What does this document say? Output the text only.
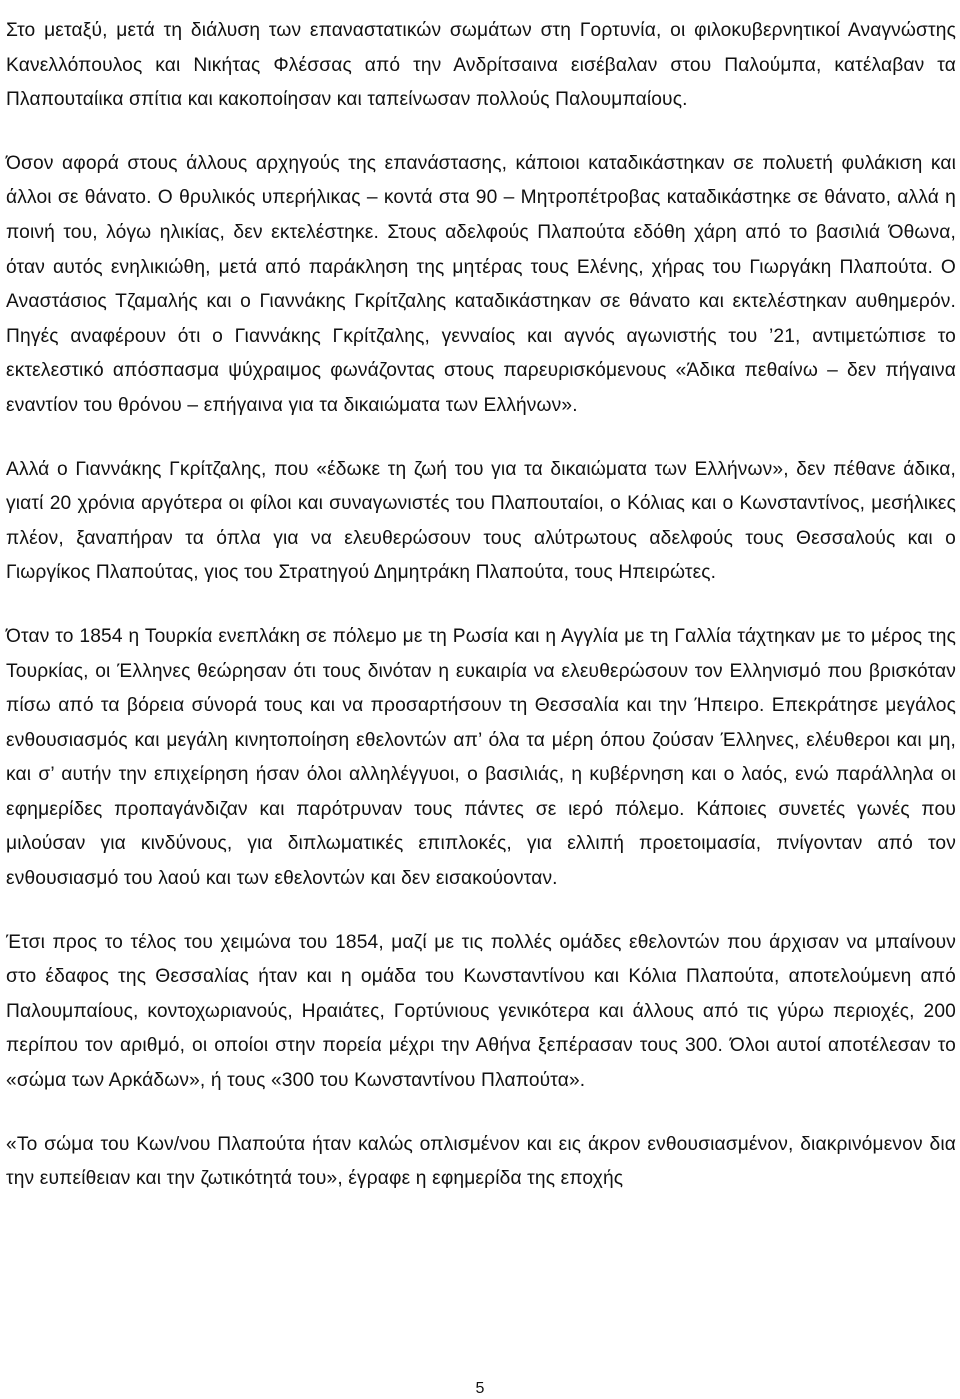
Στο μεταξύ, μετά τη διάλυση των επαναστατικών σωμάτων στη Γορτυνία, οι φιλοκυβερνητικοί Αναγνώστης Κανελλόπουλος και Νικήτας Φλέσσας από την Ανδρίτσαινα εισέβαλαν στου Παλούμπα, κατέλαβαν τα Πλαπουταίικα σπίτια και κακοποίησαν και ταπείνωσαν πολλούς Παλουμπαίους.

Όσον αφορά στους άλλους αρχηγούς της επανάστασης, κάποιοι καταδικάστηκαν σε πολυετή φυλάκιση και άλλοι σε θάνατο. Ο θρυλικός υπερήλικας – κοντά στα 90 – Μητροπέτροβας καταδικάστηκε σε θάνατο, αλλά η ποινή του, λόγω ηλικίας, δεν εκτελέστηκε. Στους αδελφούς Πλαπούτα εδόθη χάρη από το βασιλιά Όθωνα, όταν αυτός ενηλικιώθη, μετά από παράκληση της μητέρας τους Ελένης, χήρας του Γιωργάκη Πλαπούτα. Ο Αναστάσιος Τζαμαλής και ο Γιαννάκης Γκρίτζαλης καταδικάστηκαν σε θάνατο και εκτελέστηκαν αυθημερόν. Πηγές αναφέρουν ότι ο Γιαννάκης Γκρίτζαλης, γενναίος και αγνός αγωνιστής του ’21, αντιμετώπισε το εκτελεστικό απόσπασμα ψύχραιμος φωνάζοντας στους παρευρισκόμενους «Άδικα πεθαίνω – δεν πήγαινα εναντίον του θρόνου – επήγαινα για τα δικαιώματα των Ελλήνων».

Αλλά ο Γιαννάκης Γκρίτζαλης, που «έδωκε τη ζωή του για τα δικαιώματα των Ελλήνων», δεν πέθανε άδικα, γιατί 20 χρόνια αργότερα οι φίλοι και συναγωνιστές του Πλαπουταίοι, ο Κόλιας και ο Κωνσταντίνος, μεσήλικες πλέον, ξαναπήραν τα όπλα για να ελευθερώσουν τους αλύτρωτους αδελφούς τους Θεσσαλούς και ο Γιωργίκος Πλαπούτας, γιος του Στρατηγού Δημητράκη Πλαπούτα, τους Ηπειρώτες.

Όταν το 1854 η Τουρκία ενεπλάκη σε πόλεμο με τη Ρωσία και η Αγγλία με τη Γαλλία τάχτηκαν με το μέρος της Τουρκίας, οι Έλληνες θεώρησαν ότι τους δινόταν η ευκαιρία να ελευθερώσουν τον Ελληνισμό που βρισκόταν πίσω από τα βόρεια σύνορά τους και να προσαρτήσουν τη Θεσσαλία και την Ήπειρο. Επεκράτησε μεγάλος ενθουσιασμός και μεγάλη κινητοποίηση εθελοντών απ’ όλα τα μέρη όπου ζούσαν Έλληνες, ελέυθεροι και μη, και σ’ αυτήν την επιχείρηση ήσαν όλοι αλληλέγγυοι, ο βασιλιάς, η κυβέρνηση και ο λαός, ενώ παράλληλα οι εφημερίδες προπαγάνδιζαν και παρότρυναν τους πάντες σε ιερό πόλεμο. Κάποιες συνετές γωνές που μιλούσαν για κινδύνους, για διπλωματικές επιπλοκές, για ελλιπή προετοιμασία, πνίγονταν από τον ενθουσιασμό του λαού και των εθελοντών και δεν εισακούονταν.

Έτσι προς το τέλος του χειμώνα του 1854, μαζί με τις πολλές ομάδες εθελοντών που άρχισαν να μπαίνουν στο έδαφος της Θεσσαλίας ήταν και η ομάδα του Κωνσταντίνου και Κόλια Πλαπούτα, αποτελούμενη από Παλουμπαίους, κοντοχωριανούς, Ηραιάτες, Γορτύνιους γενικότερα και άλλους από τις γύρω περιοχές, 200 περίπου τον αριθμό, οι οποίοι στην πορεία μέχρι την Αθήνα ξεπέρασαν τους 300. Όλοι αυτοί αποτέλεσαν το «σώμα των Αρκάδων», ή τους «300 του Κωνσταντίνου Πλαπούτα».

«Το σώμα του Κων/νου Πλαπούτα ήταν καλώς οπλισμένον και εις άκρον ενθουσιασμένον, διακρινόμενον δια την ευπείθειαν και την ζωτικότητά του», έγραφε η εφημερίδα της εποχής

5
